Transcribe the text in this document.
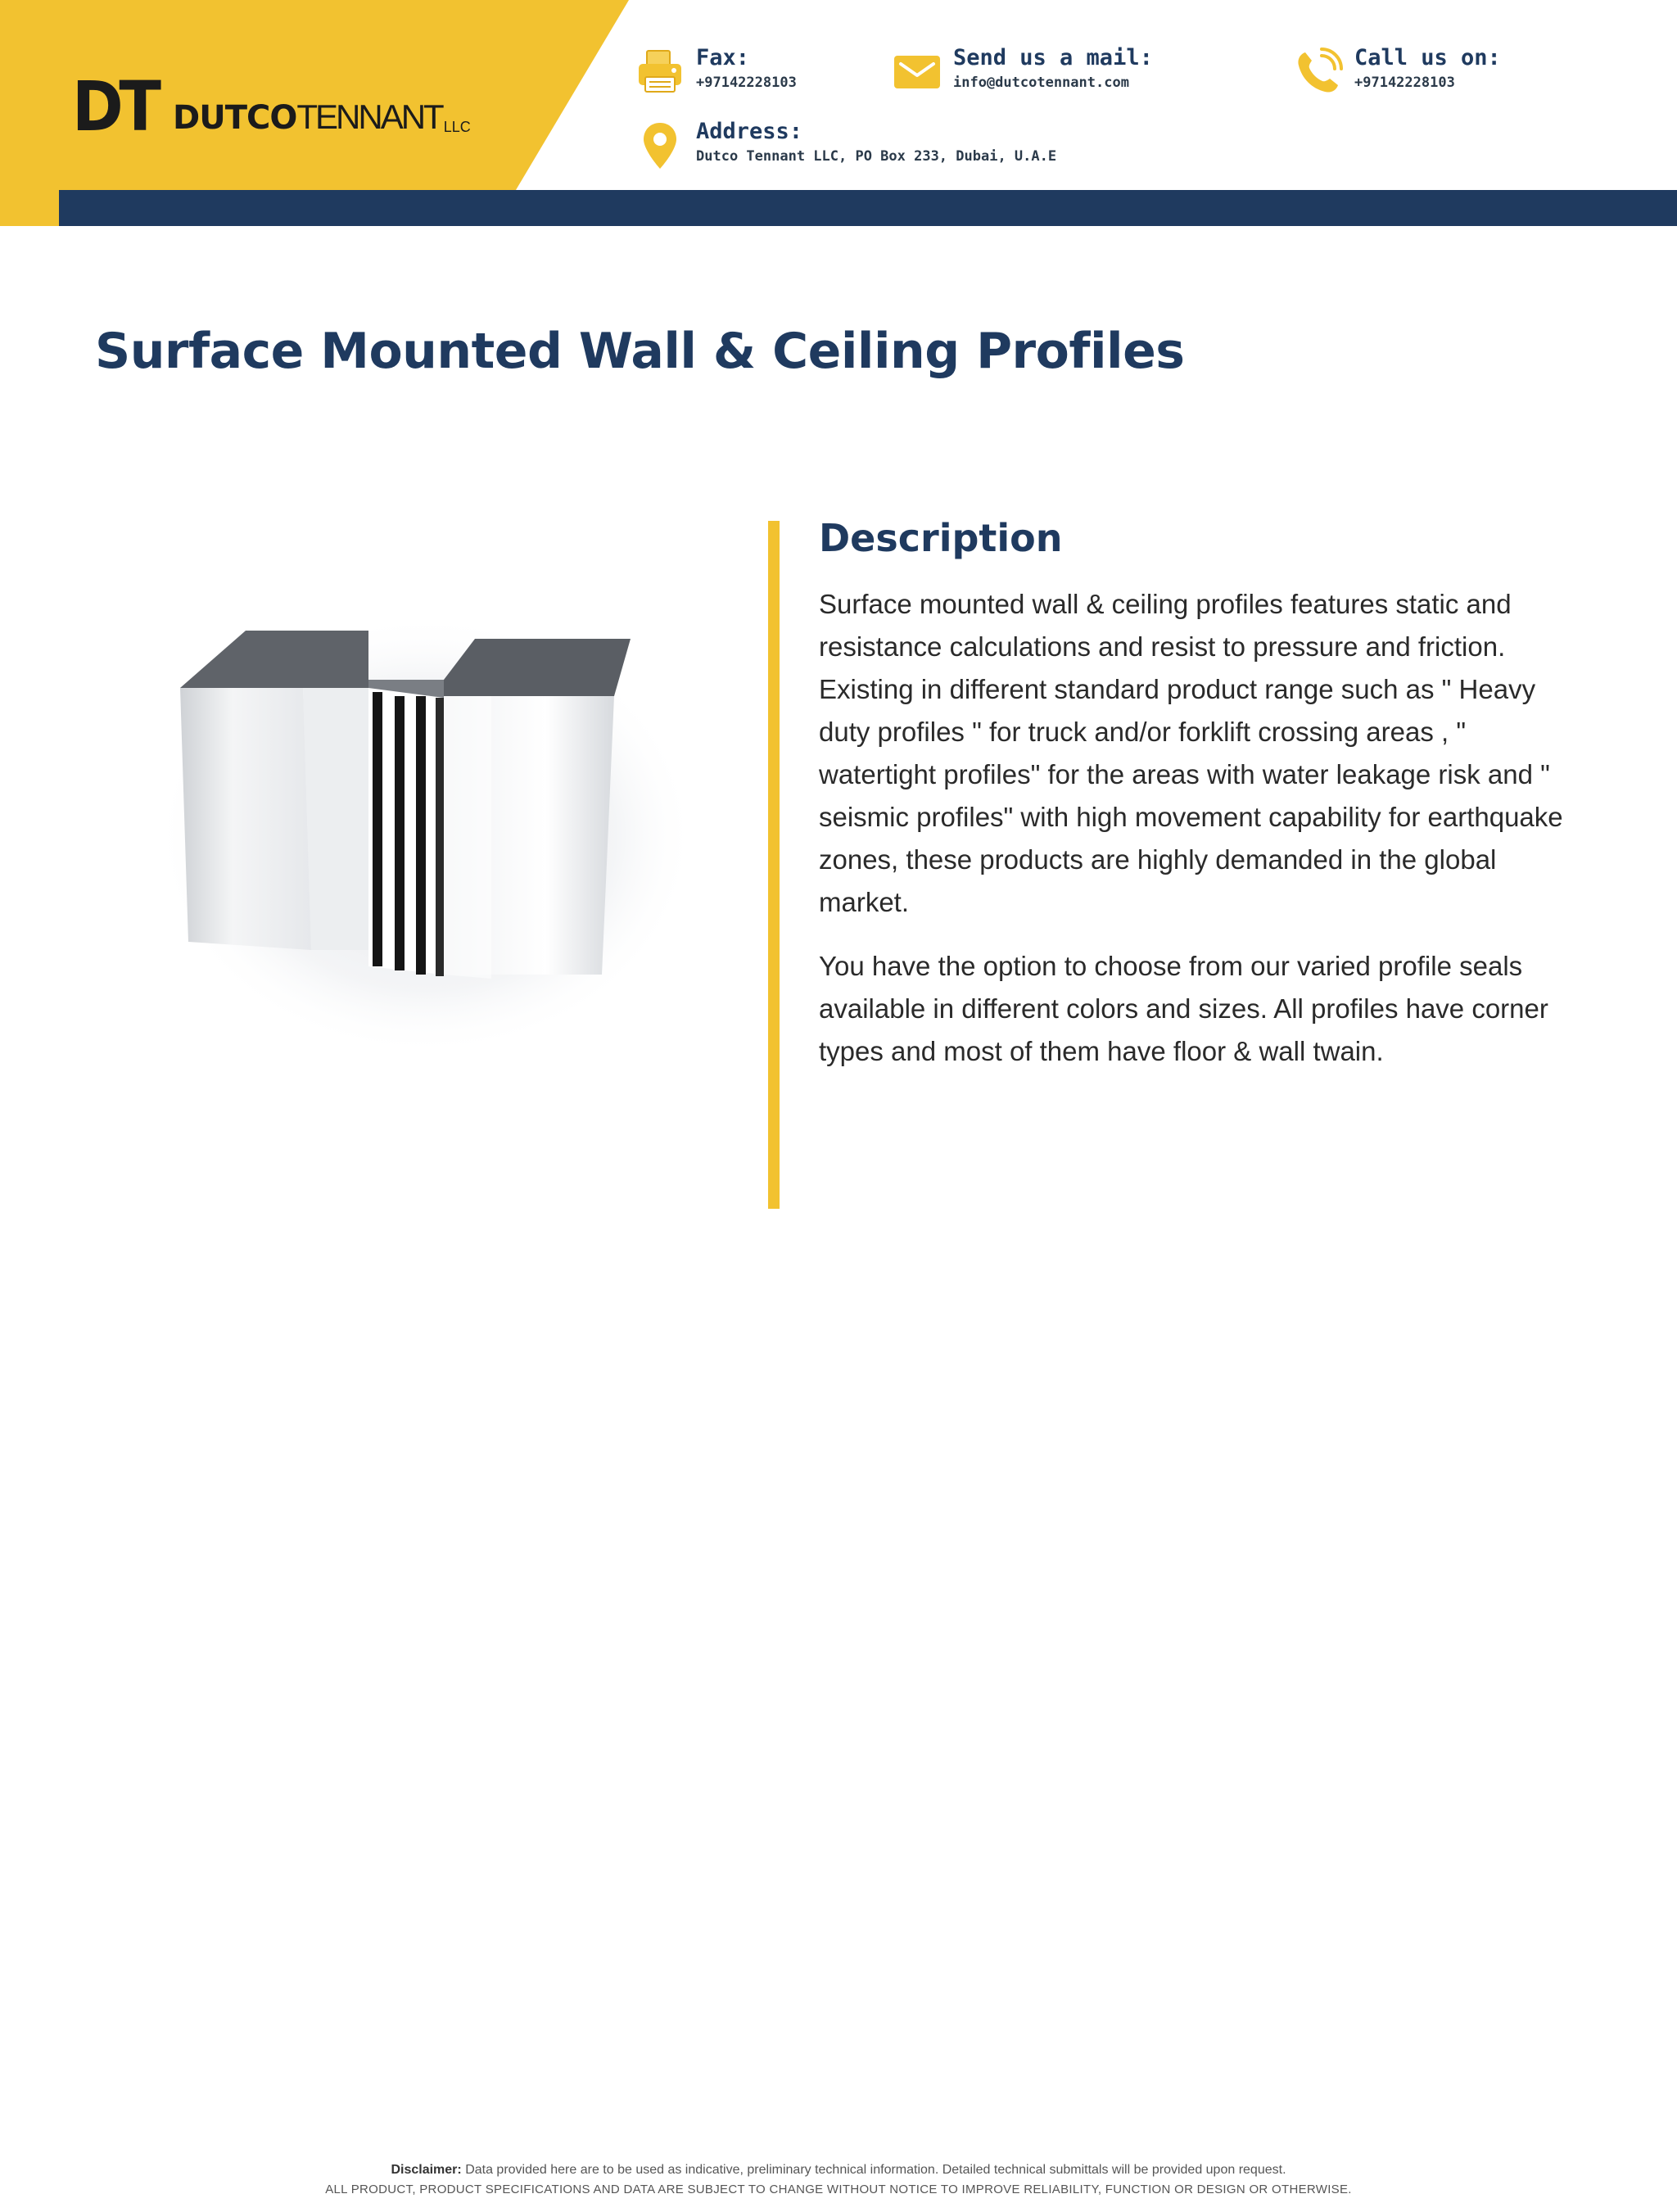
DT DUTCO TENNANT LLC
Fax:
+97142228103
Send us a mail:
info@dutcotennant.com
Call us on:
+97142228103
Address:
Dutco Tennant LLC, PO Box 233, Dubai, U.A.E
Surface Mounted Wall & Ceiling Profiles
Description

Surface mounted wall & ceiling profiles features static and resistance calculations and resist to pressure and friction. Existing in different standard product range such as " Heavy duty profiles " for truck and/or forklift crossing areas , " watertight profiles" for the areas with water leakage risk and " seismic profiles" with high movement capability for earthquake zones, these products are highly demanded in the global market.

You have the option to choose from our varied profile seals available in different colors and sizes. All profiles have corner types and most of them have floor & wall twain.

Disclaimer: Data provided here are to be used as indicative, preliminary technical information. Detailed technical submittals will be provided upon request.
ALL PRODUCT, PRODUCT SPECIFICATIONS AND DATA ARE SUBJECT TO CHANGE WITHOUT NOTICE TO IMPROVE RELIABILITY, FUNCTION OR DESIGN OR OTHERWISE.
